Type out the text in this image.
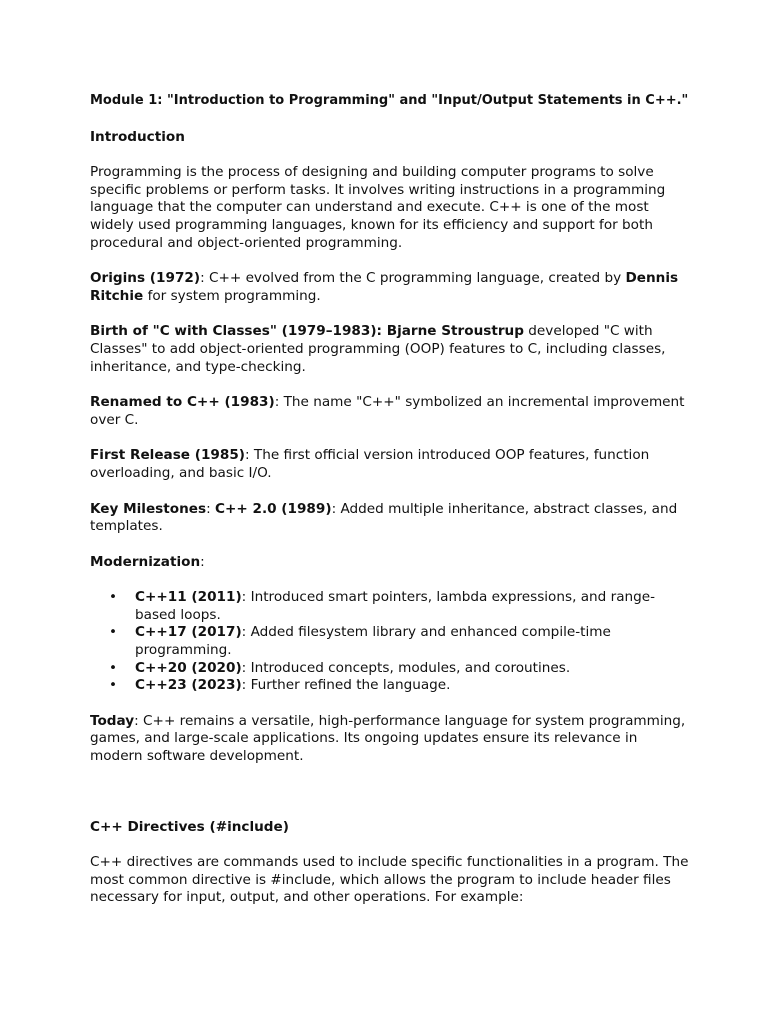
Module 1: "Introduction to Programming" and "Input/Output Statements in C++."

Introduction

Programming is the process of designing and building computer programs to solve specific problems or perform tasks. It involves writing instructions in a programming language that the computer can understand and execute. C++ is one of the most widely used programming languages, known for its efficiency and support for both procedural and object-oriented programming.

Origins (1972): C++ evolved from the C programming language, created by Dennis Ritchie for system programming.

Birth of "C with Classes" (1979–1983): Bjarne Stroustrup developed "C with Classes" to add object-oriented programming (OOP) features to C, including classes, inheritance, and type-checking.

Renamed to C++ (1983): The name "C++" symbolized an incremental improvement over C.

First Release (1985): The first official version introduced OOP features, function overloading, and basic I/O.

Key Milestones: C++ 2.0 (1989): Added multiple inheritance, abstract classes, and templates.

Modernization:

• C++11 (2011): Introduced smart pointers, lambda expressions, and range-based loops.
• C++17 (2017): Added filesystem library and enhanced compile-time programming.
• C++20 (2020): Introduced concepts, modules, and coroutines.
• C++23 (2023): Further refined the language.

Today: C++ remains a versatile, high-performance language for system programming, games, and large-scale applications. Its ongoing updates ensure its relevance in modern software development.

C++ Directives (#include)

C++ directives are commands used to include specific functionalities in a program. The most common directive is #include, which allows the program to include header files necessary for input, output, and other operations. For example:
